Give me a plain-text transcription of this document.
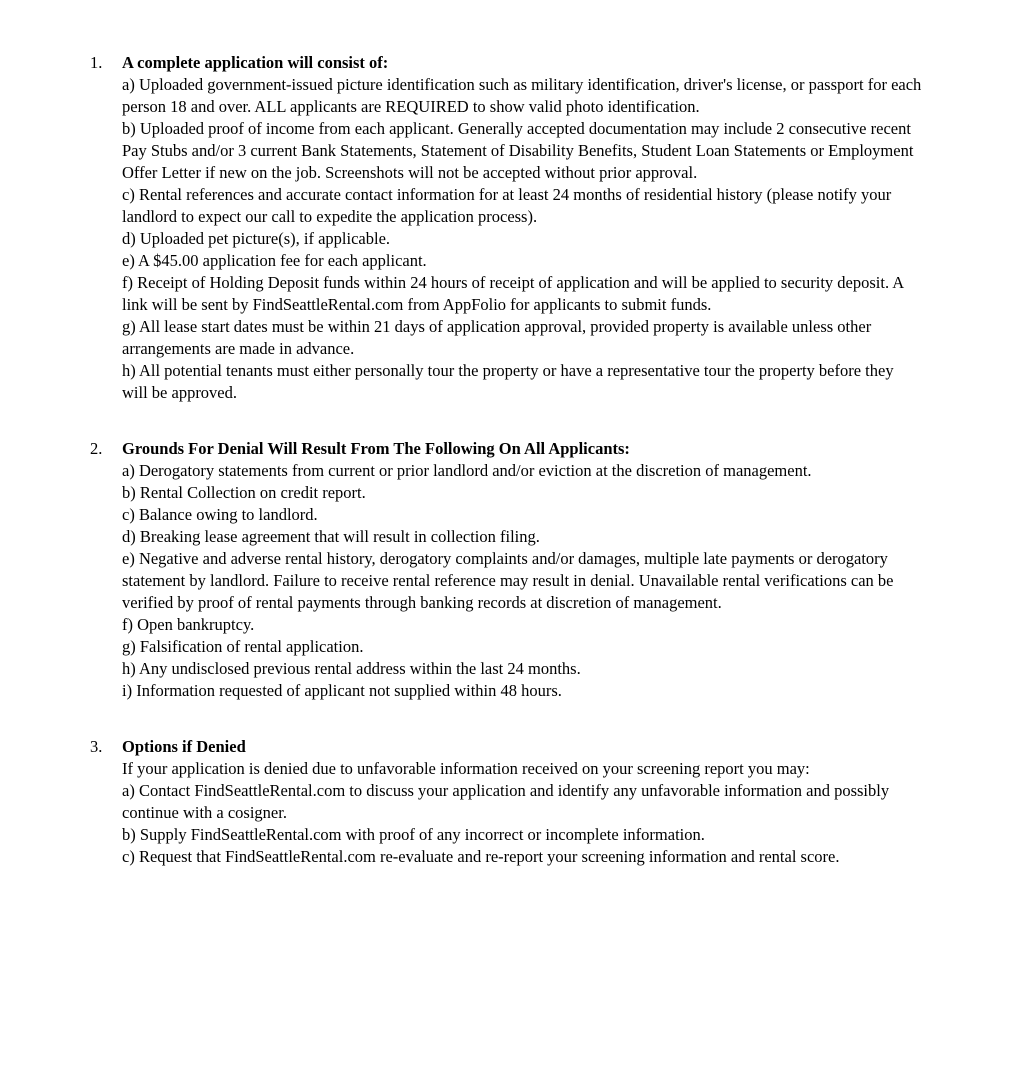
1.	A complete application will consist of:

a) Uploaded government-issued picture identification such as military identification, driver's license, or passport for each person 18 and over. ALL applicants are REQUIRED to show valid photo identification.

b) Uploaded proof of income from each applicant. Generally accepted documentation may include 2 consecutive recent Pay Stubs and/or 3 current Bank Statements, Statement of Disability Benefits, Student Loan Statements or Employment Offer Letter if new on the job. Screenshots will not be accepted without prior approval.

c) Rental references and accurate contact information for at least 24 months of residential history (please notify your landlord to expect our call to expedite the application process).

d) Uploaded pet picture(s), if applicable.

e) A $45.00 application fee for each applicant.

f) Receipt of Holding Deposit funds within 24 hours of receipt of application and will be applied to security deposit. A link will be sent by FindSeattleRental.com from AppFolio for applicants to submit funds.

g) All lease start dates must be within 21 days of application approval, provided property is available unless other arrangements are made in advance.

h) All potential tenants must either personally tour the property or have a representative tour the property before they will be approved.

2.	Grounds For Denial Will Result From The Following On All Applicants:

a) Derogatory statements from current or prior landlord and/or eviction at the discretion of management.

b) Rental Collection on credit report.

c) Balance owing to landlord.

d) Breaking lease agreement that will result in collection filing.

e) Negative and adverse rental history, derogatory complaints and/or damages, multiple late payments or derogatory statement by landlord. Failure to receive rental reference may result in denial. Unavailable rental verifications can be verified by proof of rental payments through banking records at discretion of management.

f) Open bankruptcy.

g) Falsification of rental application.

h) Any undisclosed previous rental address within the last 24 months.

i) Information requested of applicant not supplied within 48 hours.

3.	Options if Denied

If your application is denied due to unfavorable information received on your screening report you may:

a) Contact FindSeattleRental.com to discuss your application and identify any unfavorable information and possibly continue with a cosigner.

b) Supply FindSeattleRental.com with proof of any incorrect or incomplete information.

c) Request that FindSeattleRental.com re-evaluate and re-report your screening information and rental score.
